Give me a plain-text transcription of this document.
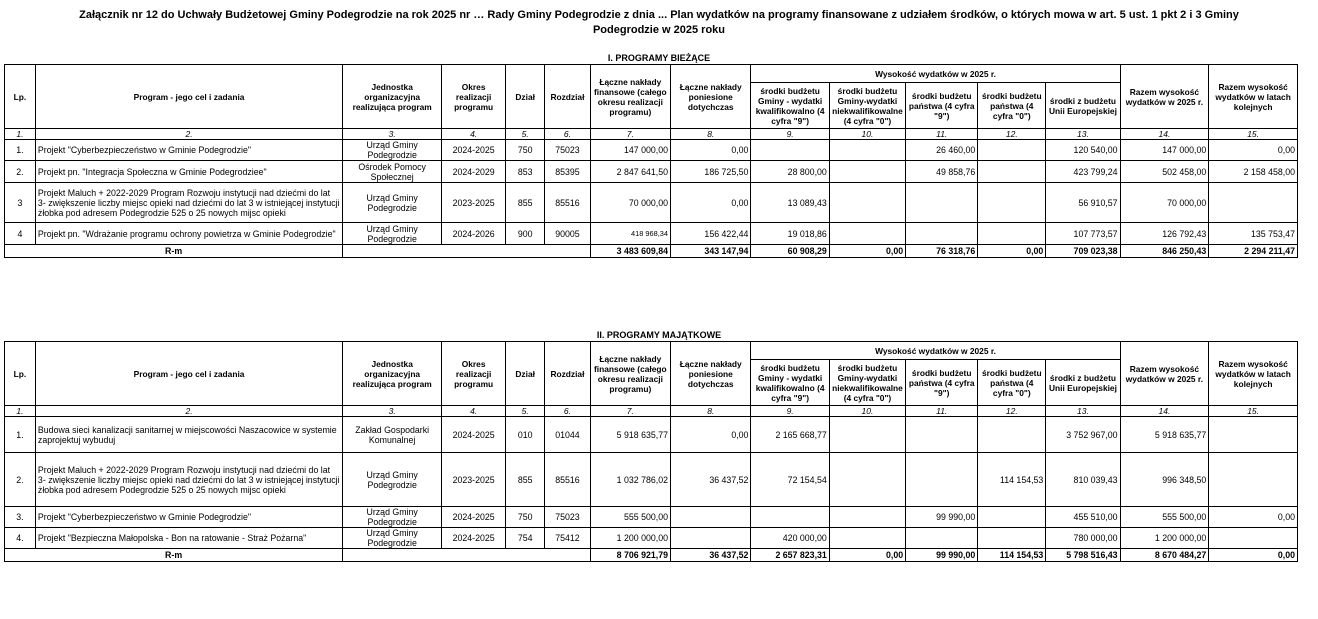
Załącznik nr 12 do Uchwały Budżetowej Gminy Podegrodzie na rok 2025 nr … Rady Gminy Podegrodzie z dnia ... Plan wydatków na programy finansowane z udziałem środków, o których mowa w art. 5 ust. 1 pkt 2 i 3 Gminy
Podegrodzie w 2025 roku
I. PROGRAMY BIEŻĄCE
Lp.	Program - jego cel i zadania	Jednostka organizacyjna realizująca program	Okres realizacji programu	Dział	Rozdział	Łączne nakłady finansowe (całego okresu realizacji programu)	Łączne nakłady poniesione dotychczas	Wysokość wydatków w 2025 r.					Razem wysokość wydatków w 2025 r.	Razem wysokość wydatków w latach kolejnych
								środki budżetu Gminy - wydatki kwalifikowalno (4 cyfra "9")	środki budżetu Gminy-wydatki niekwalifikowalne (4 cyfra "0")	środki budżetu państwa (4 cyfra "9")	środki budżetu państwa (4 cyfra "0")	środki z budżetu Unii Europejskiej		
1.	2.	3.	4.	5.	6.	7.	8.	9.	10.	11.	12.	13.	14.	15.
1.	Projekt "Cyberbezpieczeństwo w Gminie Podegrodzie"	Urząd Gminy Podegrodzie	2024-2025	750	75023	147 000,00	0,00			26 460,00		120 540,00	147 000,00	0,00
2.	Projekt pn. "Integracja Społeczna w Gminie Podegrodziee"	Ośrodek Pomocy Społecznej	2024-2029	853	85395	2 847 641,50	186 725,50	28 800,00		49 858,76		423 799,24	502 458,00	2 158 458,00
3	Projekt Maluch + 2022-2029 Program Rozwoju instytucji nad dziećmi do lat 3- zwiększenie liczby miejsc opieki nad dziećmi do lat 3 w istniejącej instytucji żłobka pod adresem Podegrodzie 525 o 25 nowych mijsc opieki	Urząd Gminy Podegrodzie	2023-2025	855	85516	70 000,00	0,00	13 089,43				56 910,57	70 000,00	
4	Projekt pn. "Wdrażanie programu ochrony powietrza w Gminie Podegrodzie"	Urząd Gminy Podegrodzie	2024-2026	900	90005	418 968,34	156 422,44	19 018,86				107 773,57	126 792,43	135 753,47
R-m						3 483 609,84	343 147,94	60 908,29	0,00	76 318,76	0,00	709 023,38	846 250,43	2 294 211,47
II. PROGRAMY MAJĄTKOWE
Lp.	Program - jego cel i zadania	Jednostka organizacyjna realizująca program	Okres realizacji programu	Dział	Rozdział	Łączne nakłady finansowe (całego okresu realizacji programu)	Łączne nakłady poniesione dotychczas	Wysokość wydatków w 2025 r.					Razem wysokość wydatków w 2025 r.	Razem wysokość wydatków w latach kolejnych
								środki budżetu Gminy - wydatki kwalifikowalno (4 cyfra "9")	środki budżetu Gminy-wydatki niekwalifikowalne (4 cyfra "0")	środki budżetu państwa (4 cyfra "9")	środki budżetu państwa (4 cyfra "0")	środki z budżetu Unii Europejskiej		
1.	2.	3.	4.	5.	6.	7.	8.	9.	10.	11.	12.	13.	14.	15.
1.	Budowa sieci kanalizacji sanitarnej w miejscowości Naszacowice w systemie zaprojektuj wybuduj	Zakład Gospodarki Komunalnej	2024-2025	010	01044	5 918 635,77	0,00	2 165 668,77				3 752 967,00	5 918 635,77	
2.	Projekt Maluch + 2022-2029 Program Rozwoju instytucji nad dziećmi do lat 3- zwiększenie liczby miejsc opieki nad dziećmi do lat 3 w istniejącej instytucji żłobka pod adresem Podegrodzie 525 o 25 nowych mijsc opieki	Urząd Gminy Podegrodzie	2023-2025	855	85516	1 032 786,02	36 437,52	72 154,54			114 154,53	810 039,43	996 348,50	
3.	Projekt "Cyberbezpieczeństwo w Gminie Podegrodzie"	Urząd Gminy Podegrodzie	2024-2025	750	75023	555 500,00				99 990,00		455 510,00	555 500,00	0,00
4.	Projekt "Bezpieczna Małopolska - Bon na ratowanie - Straż Pożarna"	Urząd Gminy Podegrodzie	2024-2025	754	75412	1 200 000,00		420 000,00				780 000,00	1 200 000,00	
R-m						8 706 921,79	36 437,52	2 657 823,31	0,00	99 990,00	114 154,53	5 798 516,43	8 670 484,27	0,00
